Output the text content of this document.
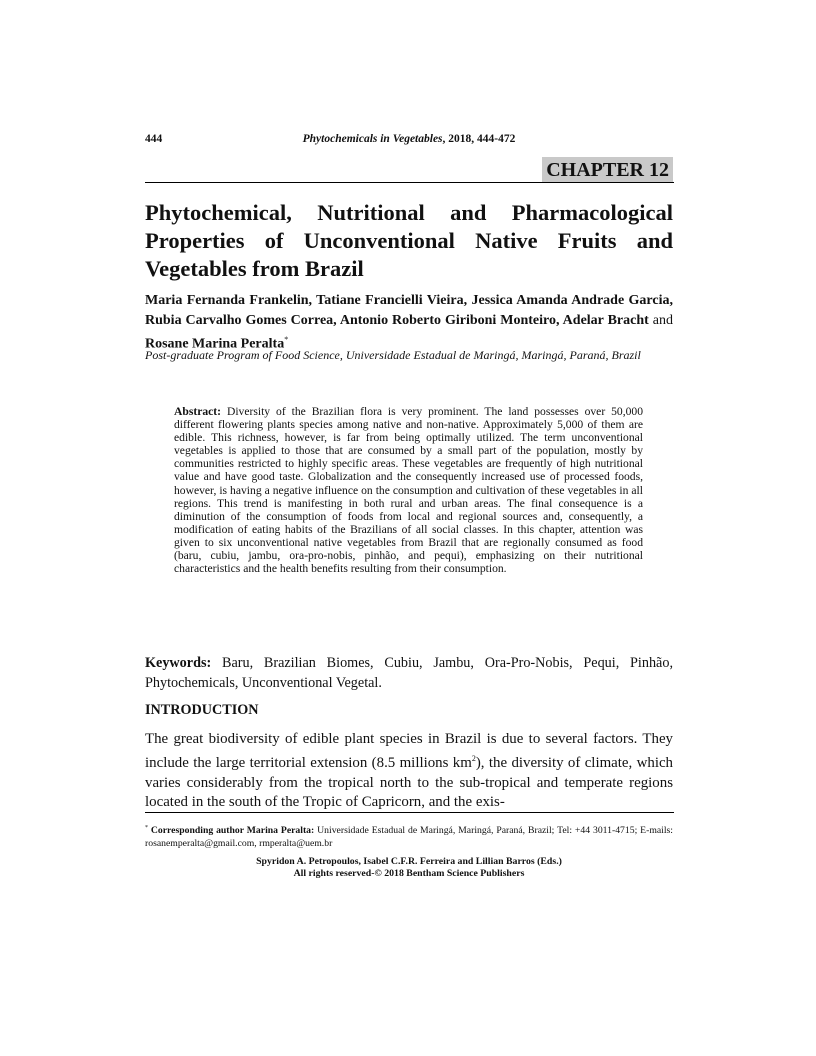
444	Phytochemicals in Vegetables, 2018, 444-472
CHAPTER 12
Phytochemical, Nutritional and Pharmacological Properties of Unconventional Native Fruits and Vegetables from Brazil
Maria Fernanda Frankelin, Tatiane Francielli Vieira, Jessica Amanda Andrade Garcia, Rubia Carvalho Gomes Correa, Antonio Roberto Giriboni Monteiro, Adelar Bracht and Rosane Marina Peralta*
Post-graduate Program of Food Science, Universidade Estadual de Maringá, Maringá, Paraná, Brazil
Abstract: Diversity of the Brazilian flora is very prominent. The land possesses over 50,000 different flowering plants species among native and non-native. Approximately 5,000 of them are edible. This richness, however, is far from being optimally utilized. The term unconventional vegetables is applied to those that are consumed by a small part of the population, mostly by communities restricted to highly specific areas. These vegetables are frequently of high nutritional value and have good taste. Globalization and the consequently increased use of processed foods, however, is having a negative influence on the consumption and cultivation of these vegetables in all regions. This trend is manifesting in both rural and urban areas. The final consequence is a diminution of the consumption of foods from local and regional sources and, consequently, a modification of eating habits of the Brazilians of all social classes. In this chapter, attention was given to six unconventional native vegetables from Brazil that are regionally consumed as food (baru, cubiu, jambu, ora-pro-nobis, pinhão, and pequi), emphasizing on their nutritional characteristics and the health benefits resulting from their consumption.
Keywords: Baru, Brazilian Biomes, Cubiu, Jambu, Ora-Pro-Nobis, Pequi, Pinhão, Phytochemicals, Unconventional Vegetal.
INTRODUCTION
The great biodiversity of edible plant species in Brazil is due to several factors. They include the large territorial extension (8.5 millions $km^2$), the diversity of climate, which varies considerably from the tropical north to the sub-tropical and temperate regions located in the south of the Tropic of Capricorn, and the exis-
* Corresponding author Marina Peralta: Universidade Estadual de Maringá, Maringá, Paraná, Brazil; Tel: +44 3011-4715; E-mails: rosanemperalta@gmail.com, rmperalta@uem.br
Spyridon A. Petropoulos, Isabel C.F.R. Ferreira and Lillian Barros (Eds.)
All rights reserved-© 2018 Bentham Science Publishers
